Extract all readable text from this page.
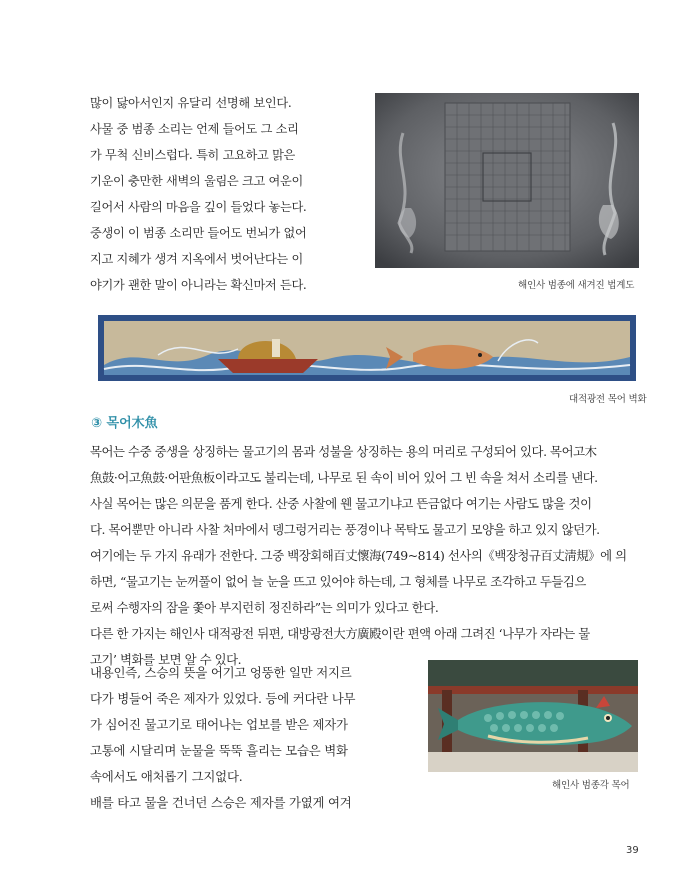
많이 닳아서인지 유달리 선명해 보인다.
사물 중 범종 소리는 언제 들어도 그 소리
가 무척 신비스럽다. 특히 고요하고 맑은
기운이 충만한 새벽의 울림은 크고 여운이
길어서 사람의 마음을 깊이 들었다 놓는다.
중생이 이 범종 소리만 들어도 번뇌가 없어
지고 지혜가 생겨 지옥에서 벗어난다는 이
야기가 괜한 말이 아니라는 확신마저 든다.	해인사 범종에 새겨진 법계도
대적광전 목어 벽화
③ 목어木魚
목어는 수중 중생을 상징하는 물고기의 몸과 성불을 상징하는 용의 머리로 구성되어 있다. 목어고木
魚鼓·어고魚鼓·어판魚板이라고도 불리는데, 나무로 된 속이 비어 있어 그 빈 속을 쳐서 소리를 낸다.
사실 목어는 많은 의문을 품게 한다. 산중 사찰에 웬 물고기냐고 뜬금없다 여기는 사람도 많을 것이
다. 목어뿐만 아니라 사찰 처마에서 뎅그렁거리는 풍경이나 목탁도 물고기 모양을 하고 있지 않던가.
여기에는 두 가지 유래가 전한다. 그중 백장회해百丈懷海(749~814) 선사의《백장청규百丈淸規》에 의
하면, “물고기는 눈꺼풀이 없어 늘 눈을 뜨고 있어야 하는데, 그 형체를 나무로 조각하고 두들김으
로써 수행자의 잠을 쫓아 부지런히 정진하라”는 의미가 있다고 한다.
다른 한 가지는 해인사 대적광전 뒤편, 대방광전大方廣殿이란 편액 아래 그려진 ‘나무가 자라는 물
고기’ 벽화를 보면 알 수 있다.
내용인즉, 스승의 뜻을 어기고 엉뚱한 일만 저지르
다가 병들어 죽은 제자가 있었다. 등에 커다란 나무
가 심어진 물고기로 태어나는 업보를 받은 제자가
고통에 시달리며 눈물을 뚝뚝 흘리는 모습은 벽화
속에서도 애처롭기 그지없다.
배를 타고 물을 건너던 스승은 제자를 가엾게 여겨
해인사 범종각 목어
39
